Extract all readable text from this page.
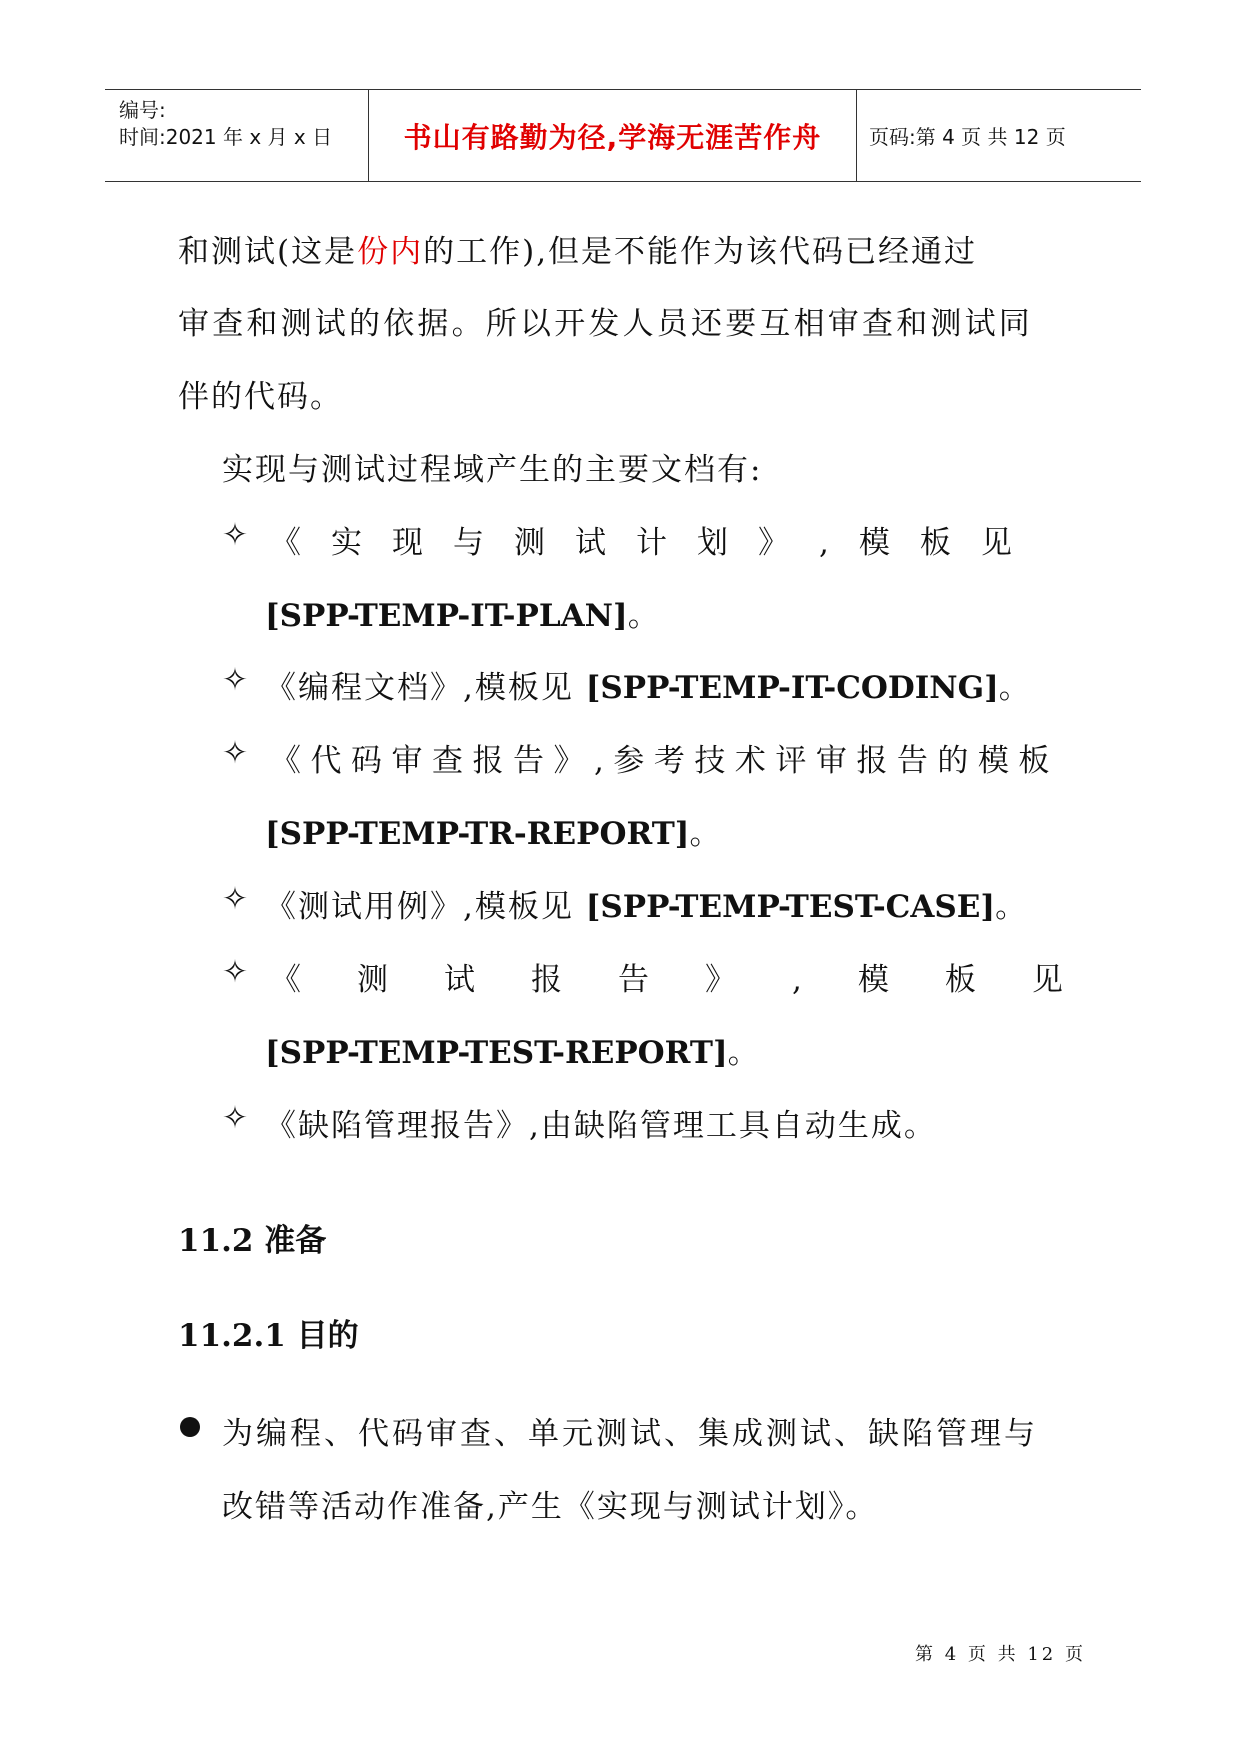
编号:
时间:2021 年 x 月 x 日	书山有路勤为径,学海无涯苦作舟 页码:第 4 页 共 12 页
和测试(这是份内的工作),但是不能作为该代码已经通过
审查和测试的依据。所以开发人员还要互相审查和测试同
伴的代码。
实现与测试过程域产生的主要文档有:
✧ 《实现与测试计划》,模板见
[SPP-TEMP-IT-PLAN]。
✧ 《编程文档》,模板见 [SPP-TEMP-IT-CODING]。
✧ 《代码审查报告》,参考技术评审报告的模板
[SPP-TEMP-TR-REPORT]。
✧ 《测试用例》,模板见 [SPP-TEMP-TEST-CASE]。
✧ 《测试报告》,模板见
[SPP-TEMP-TEST-REPORT]。
✧ 《缺陷管理报告》,由缺陷管理工具自动生成。
11.2 准备
11.2.1 目的
为编程、代码审查、单元测试、集成测试、缺陷管理与
改错等活动作准备,产生《实现与测试计划》。
第 4 页 共 12 页
